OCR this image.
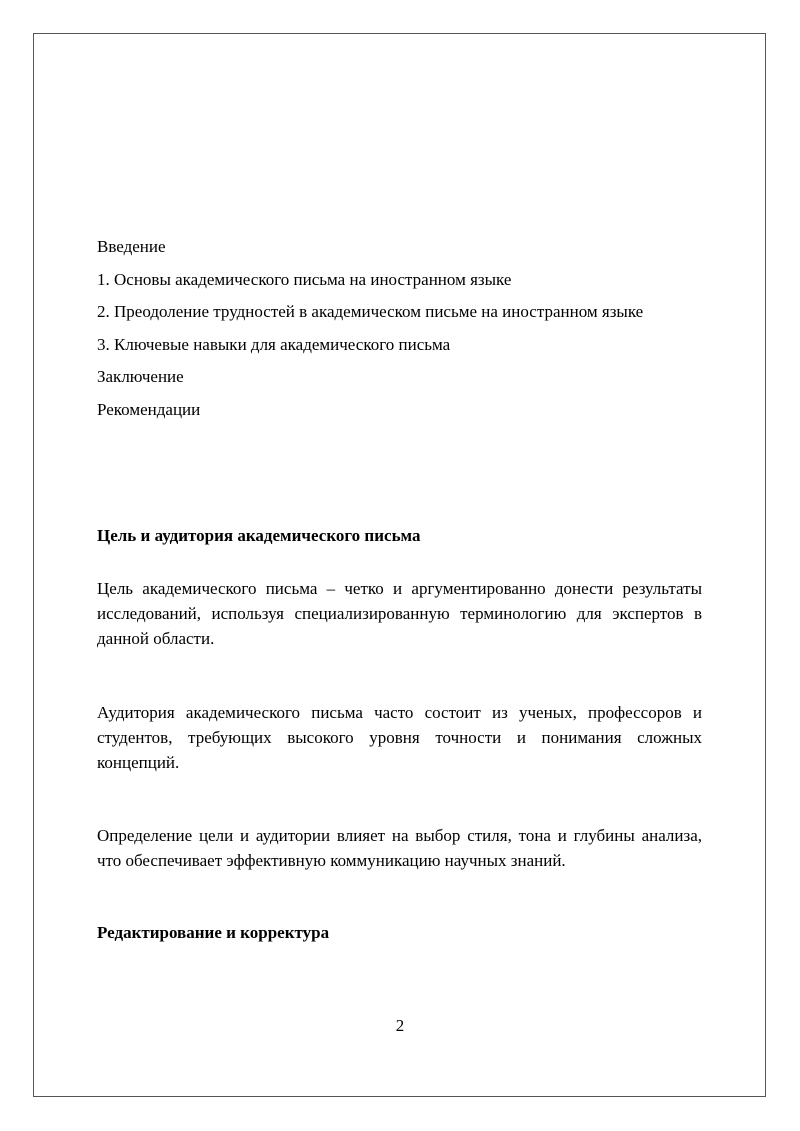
Введение
1. Основы академического письма на иностранном языке
2. Преодоление трудностей в академическом письме на иностранном языке
3. Ключевые навыки для академического письма
Заключение
Рекомендации
Цель и аудитория академического письма
Цель академического письма – четко и аргументированно донести результаты исследований, используя специализированную терминологию для экспертов в данной области.
Аудитория академического письма часто состоит из ученых, профессоров и студентов, требующих высокого уровня точности и понимания сложных концепций.
Определение цели и аудитории влияет на выбор стиля, тона и глубины анализа, что обеспечивает эффективную коммуникацию научных знаний.
Редактирование и корректура
2
